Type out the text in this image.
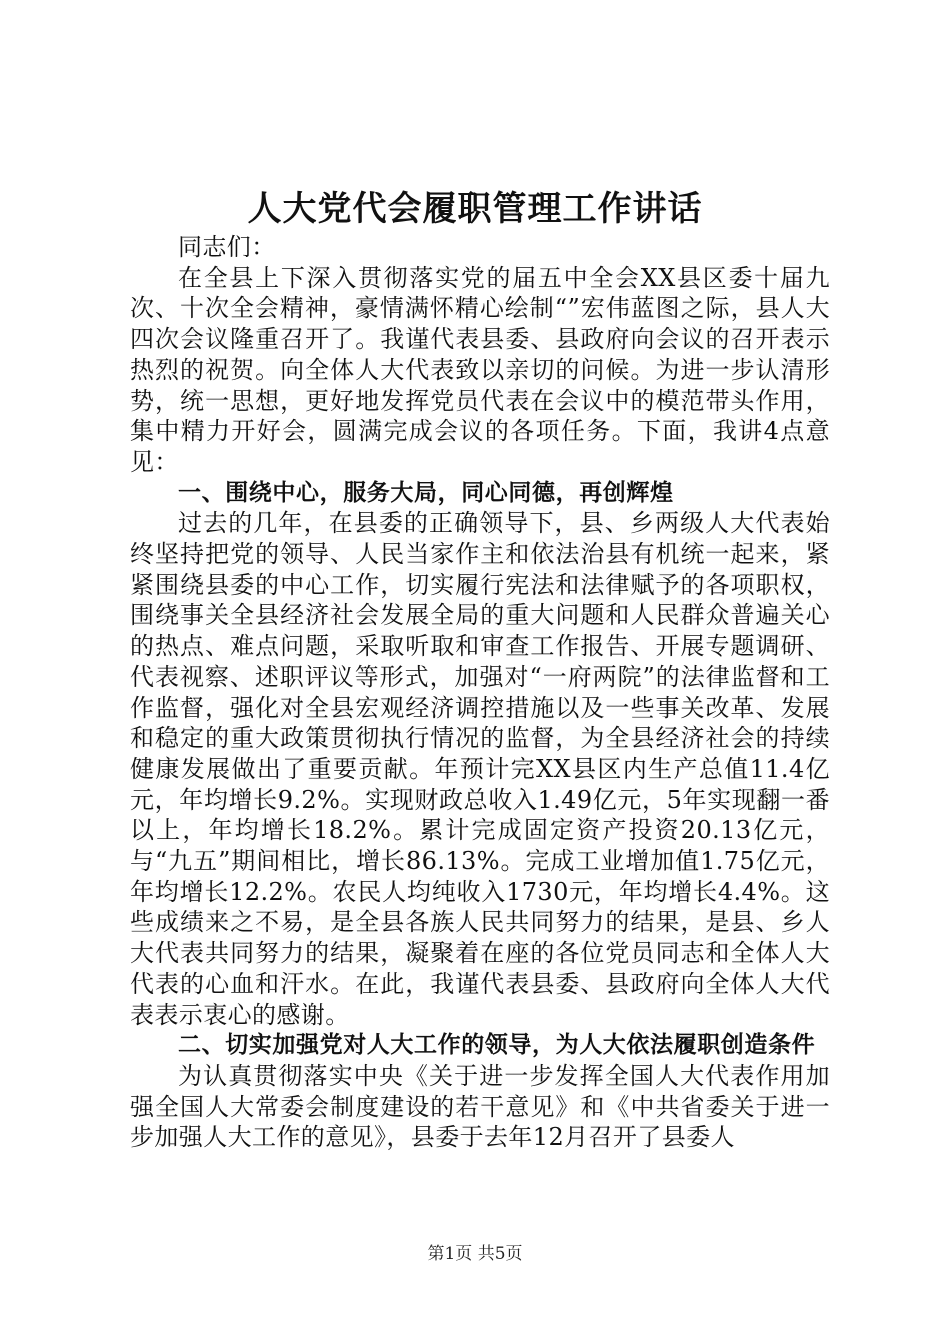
人大党代会履职管理工作讲话

同志们：

在全县上下深入贯彻落实党的届五中全会XX县区委十届九次、十次全会精神，豪情满怀精心绘制“”宏伟蓝图之际，县人大四次会议隆重召开了。我谨代表县委、县政府向会议的召开表示热烈的祝贺。向全体人大代表致以亲切的问候。为进一步认清形势，统一思想，更好地发挥党员代表在会议中的模范带头作用，集中精力开好会，圆满完成会议的各项任务。下面，我讲4点意见：

一、围绕中心，服务大局，同心同德，再创辉煌

过去的几年，在县委的正确领导下，县、乡两级人大代表始终坚持把党的领导、人民当家作主和依法治县有机统一起来，紧紧围绕县委的中心工作，切实履行宪法和法律赋予的各项职权，围绕事关全县经济社会发展全局的重大问题和人民群众普遍关心的热点、难点问题，采取听取和审查工作报告、开展专题调研、代表视察、述职评议等形式，加强对“一府两院”的法律监督和工作监督，强化对全县宏观经济调控措施以及一些事关改革、发展和稳定的重大政策贯彻执行情况的监督，为全县经济社会的持续健康发展做出了重要贡献。年预计完XX县区内生产总值11.4亿元，年均增长9.2%。实现财政总收入1.49亿元，5年实现翻一番以上，年均增长18.2%。累计完成固定资产投资20.13亿元，与“九五”期间相比，增长86.13%。完成工业增加值1.75亿元，年均增长12.2%。农民人均纯收入1730元，年均增长4.4%。这些成绩来之不易，是全县各族人民共同努力的结果，是县、乡人大代表共同努力的结果，凝聚着在座的各位党员同志和全体人大代表的心血和汗水。在此，我谨代表县委、县政府向全体人大代表表示衷心的感谢。

二、切实加强党对人大工作的领导，为人大依法履职创造条件

为认真贯彻落实中央《关于进一步发挥全国人大代表作用加强全国人大常委会制度建设的若干意见》和《中共省委关于进一步加强人大工作的意见》，县委于去年12月召开了县委人

第1页 共5页
